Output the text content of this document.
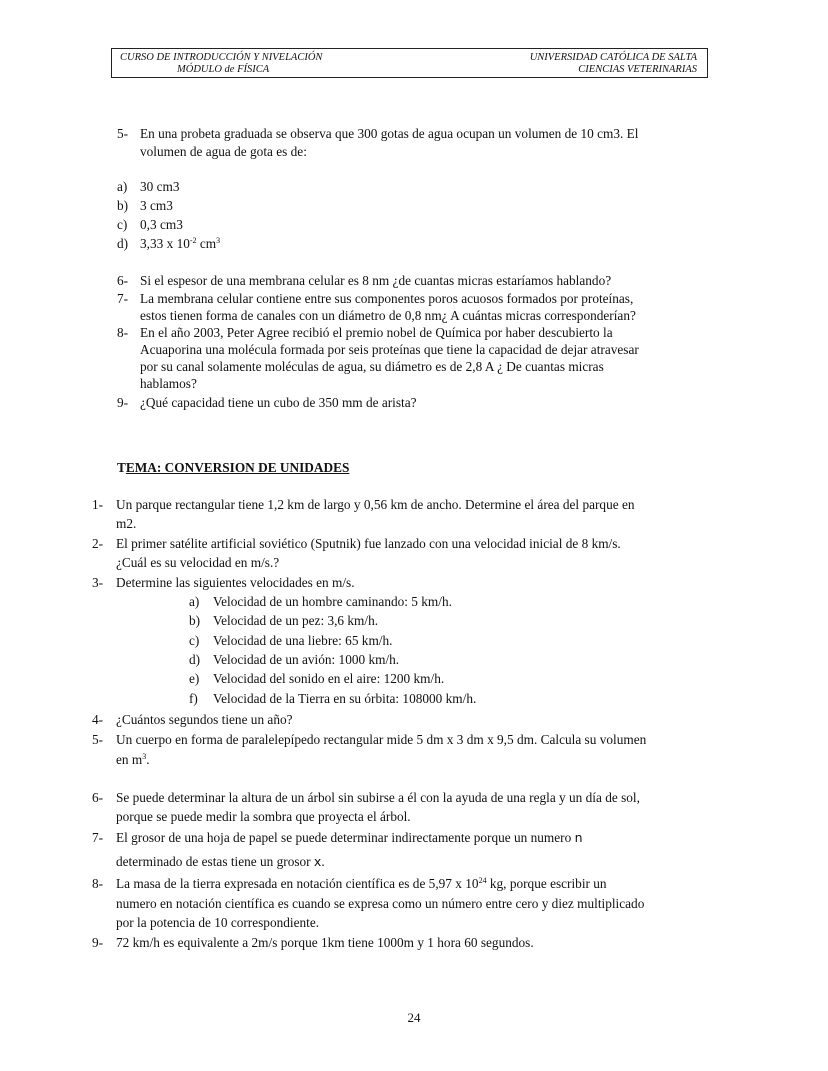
CURSO DE INTRODUCCIÓN Y NIVELACIÓN
MÓDULO de FÍSICA
UNIVERSIDAD CATÓLICA DE SALTA
CIENCIAS VETERINARIAS
5- En una probeta graduada se observa que 300 gotas de agua ocupan un volumen de 10 cm3. El
volumen de agua de gota es de:
a) 30 cm3
b) 3 cm3
c) 0,3 cm3
d) 3,33 x $10^{-2}$ $cm^3$
6- Si el espesor de una membrana celular es 8 nm ¿de cuantas micras estaríamos hablando?
7- La membrana celular contiene entre sus componentes poros acuosos formados por proteínas,
estos tienen forma de canales con un diámetro de 0,8 nm¿ A cuántas micras corresponderían?
8- En el año 2003, Peter Agree recibió el premio nobel de Química por haber descubierto la
Acuaporina una molécula formada por seis proteínas que tiene la capacidad de dejar atravesar
por su canal solamente moléculas de agua, su diámetro es de 2,8 A ¿ De cuantas micras
hablamos?
9- ¿Qué capacidad tiene un cubo de 350 mm de arista?
TEMA: CONVERSION DE UNIDADES
1- Un parque rectangular tiene 1,2 km de largo y 0,56 km de ancho. Determine el área del parque en
m2.
2- El primer satélite artificial soviético (Sputnik) fue lanzado con una velocidad inicial de 8 km/s.
¿Cuál es su velocidad en m/s.?
3- Determine las siguientes velocidades en m/s.
a) Velocidad de un hombre caminando: 5 km/h.
b) Velocidad de un pez: 3,6 km/h.
c) Velocidad de una liebre: 65 km/h.
d) Velocidad de un avión: 1000 km/h.
e) Velocidad del sonido en el aire: 1200 km/h.
f) Velocidad de la Tierra en su órbita: 108000 km/h.
4- ¿Cuántos segundos tiene un año?
5- Un cuerpo en forma de paralelepípedo rectangular mide 5 dm x 3 dm x 9,5 dm. Calcula su volumen
en $m^3$.
6- Se puede determinar la altura de un árbol sin subirse a él con la ayuda de una regla y un día de sol,
porque se puede medir la sombra que proyecta el árbol.
7- El grosor de una hoja de papel se puede determinar indirectamente porque un numero n
determinado de estas tiene un grosor x.
8- La masa de la tierra expresada en notación científica es de 5,97 x $10^{24}$ kg, porque escribir un
numero en notación científica es cuando se expresa como un número entre cero y diez multiplicado
por la potencia de 10 correspondiente.
9- 72 km/h es equivalente a 2m/s porque 1km tiene 1000m y 1 hora 60 segundos.
24
